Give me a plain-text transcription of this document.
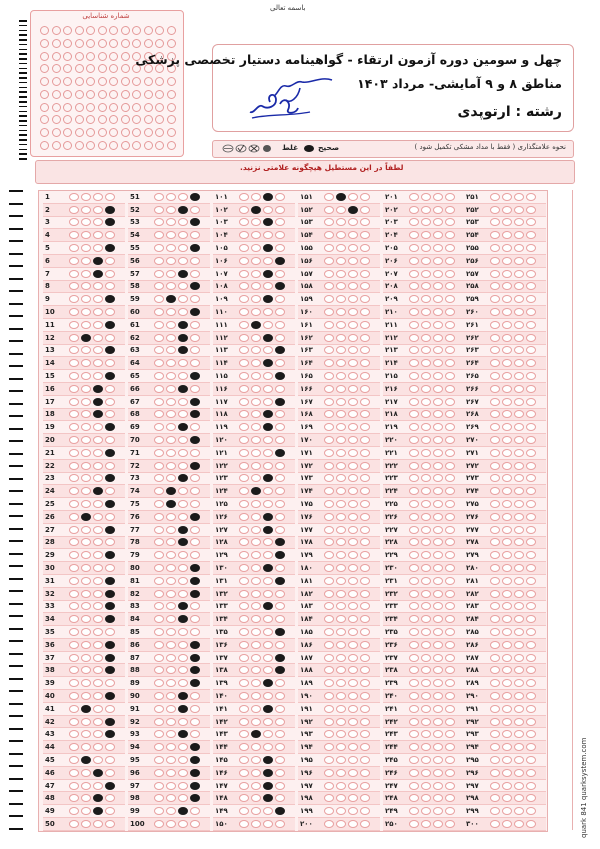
باسمه تعالی
شماره شناسایی
چهل و سومین دوره آزمون ارتقاء - گواهینامه دستیار تخصصی پزشکی
مناطق ۸ و ۹ آمایشی- مرداد ۱۴۰۳
رشته : ارتوپدی
نحوه علامتگذاری ( فقط با مداد مشکی تکمیل شود )
صحیح
غلط
لطفاً در این مستطیل هیچگونه علامتی نزنید.
1
2
3
4
5
6
7
8
9
10
11
12
13
14
15
16
17
18
19
20
21
22
23
24
25
26
27
28
29
30
31
32
33
34
35
36
37
38
39
40
41
42
43
44
45
46
47
48
49
50
51
52
53
54
55
56
57
58
59
60
61
62
63
64
65
66
67
68
69
70
71
72
73
74
75
76
77
78
79
80
81
82
83
84
85
86
87
88
89
90
91
92
93
94
95
96
97
98
99
100
۱۰۱
۱۰۲
۱۰۳
۱۰۴
۱۰۵
۱۰۶
۱۰۷
۱۰۸
۱۰۹
۱۱۰
۱۱۱
۱۱۲
۱۱۳
۱۱۴
۱۱۵
۱۱۶
۱۱۷
۱۱۸
۱۱۹
۱۲۰
۱۲۱
۱۲۲
۱۲۳
۱۲۴
۱۲۵
۱۲۶
۱۲۷
۱۲۸
۱۲۹
۱۳۰
۱۳۱
۱۳۲
۱۳۳
۱۳۴
۱۳۵
۱۳۶
۱۳۷
۱۳۸
۱۳۹
۱۴۰
۱۴۱
۱۴۲
۱۴۳
۱۴۴
۱۴۵
۱۴۶
۱۴۷
۱۴۸
۱۴۹
۱۵۰
۱۵۱
۱۵۲
۱۵۳
۱۵۴
۱۵۵
۱۵۶
۱۵۷
۱۵۸
۱۵۹
۱۶۰
۱۶۱
۱۶۲
۱۶۳
۱۶۴
۱۶۵
۱۶۶
۱۶۷
۱۶۸
۱۶۹
۱۷۰
۱۷۱
۱۷۲
۱۷۳
۱۷۴
۱۷۵
۱۷۶
۱۷۷
۱۷۸
۱۷۹
۱۸۰
۱۸۱
۱۸۲
۱۸۳
۱۸۴
۱۸۵
۱۸۶
۱۸۷
۱۸۸
۱۸۹
۱۹۰
۱۹۱
۱۹۲
۱۹۳
۱۹۴
۱۹۵
۱۹۶
۱۹۷
۱۹۸
۱۹۹
۲۰۰
۲۰۱
۲۰۲
۲۰۳
۲۰۴
۲۰۵
۲۰۶
۲۰۷
۲۰۸
۲۰۹
۲۱۰
۲۱۱
۲۱۲
۲۱۳
۲۱۴
۲۱۵
۲۱۶
۲۱۷
۲۱۸
۲۱۹
۲۲۰
۲۲۱
۲۲۲
۲۲۳
۲۲۴
۲۲۵
۲۲۶
۲۲۷
۲۲۸
۲۲۹
۲۳۰
۲۳۱
۲۳۲
۲۳۳
۲۳۴
۲۳۵
۲۳۶
۲۳۷
۲۳۸
۲۳۹
۲۴۰
۲۴۱
۲۴۲
۲۴۳
۲۴۴
۲۴۵
۲۴۶
۲۴۷
۲۴۸
۲۴۹
۲۵۰
۲۵۱
۲۵۲
۲۵۳
۲۵۴
۲۵۵
۲۵۶
۲۵۷
۲۵۸
۲۵۹
۲۶۰
۲۶۱
۲۶۲
۲۶۳
۲۶۴
۲۶۵
۲۶۶
۲۶۷
۲۶۸
۲۶۹
۲۷۰
۲۷۱
۲۷۲
۲۷۳
۲۷۴
۲۷۵
۲۷۶
۲۷۷
۲۷۸
۲۷۹
۲۸۰
۲۸۱
۲۸۲
۲۸۳
۲۸۴
۲۸۵
۲۸۶
۲۸۷
۲۸۸
۲۸۹
۲۹۰
۲۹۱
۲۹۲
۲۹۳
۲۹۴
۲۹۵
۲۹۶
۲۹۷
۲۹۸
۲۹۹
۳۰۰	quark 841 quarksystem.com
